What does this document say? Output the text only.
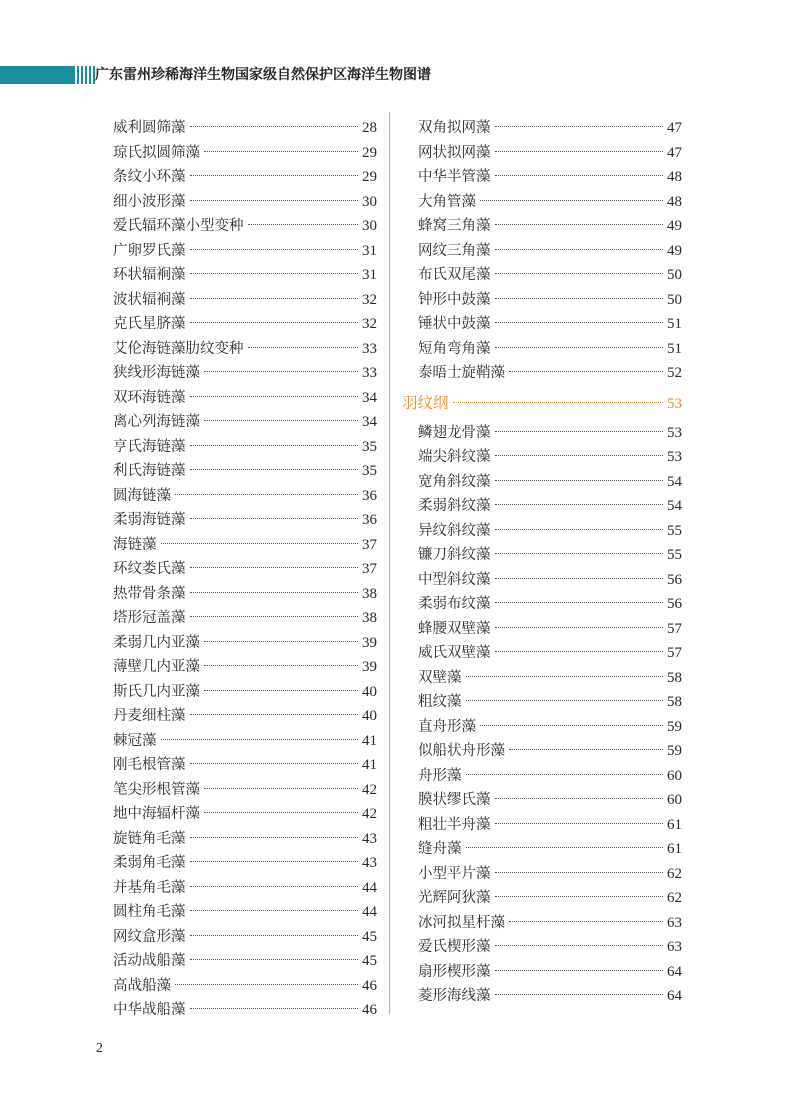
广东雷州珍稀海洋生物国家级自然保护区海洋生物图谱
威利圆筛藻	28
琼氏拟圆筛藻	29
条纹小环藻	29
细小波形藻	30
爱氏辐环藻小型变种	30
广卵罗氏藻	31
环状辐裥藻	31
波状辐裥藻	32
克氏星脐藻	32
艾伦海链藻肋纹变种	33
狭线形海链藻	33
双环海链藻	34
离心列海链藻	34
亨氏海链藻	35
利氏海链藻	35
圆海链藻	36
柔弱海链藻	36
海链藻	37
环纹娄氏藻	37
热带骨条藻	38
塔形冠盖藻	38
柔弱几内亚藻	39
薄壁几内亚藻	39
斯氏几内亚藻	40
丹麦细柱藻	40
棘冠藻	41
刚毛根管藻	41
笔尖形根管藻	42
地中海辐杆藻	42
旋链角毛藻	43
柔弱角毛藻	43
并基角毛藻	44
圆柱角毛藻	44
网纹盒形藻	45
活动战船藻	45
高战船藻	46
中华战船藻	46
双角拟网藻	47
网状拟网藻	47
中华半管藻	48
大角管藻	48
蜂窝三角藻	49
网纹三角藻	49
布氏双尾藻	50
钟形中鼓藻	50
锤状中鼓藻	51
短角弯角藻	51
泰晤士旋鞘藻	52
羽纹纲	53
鳞翅龙骨藻	53
端尖斜纹藻	53
宽角斜纹藻	54
柔弱斜纹藻	54
异纹斜纹藻	55
镰刀斜纹藻	55
中型斜纹藻	56
柔弱布纹藻	56
蜂腰双壁藻	57
威氏双壁藻	57
双壁藻	58
粗纹藻	58
直舟形藻	59
似船状舟形藻	59
舟形藻	60
膜状缪氏藻	60
粗壮半舟藻	61
缝舟藻	61
小型平片藻	62
光辉阿狄藻	62
冰河拟星杆藻	63
爱氏楔形藻	63
扇形楔形藻	64
菱形海线藻	64
2
